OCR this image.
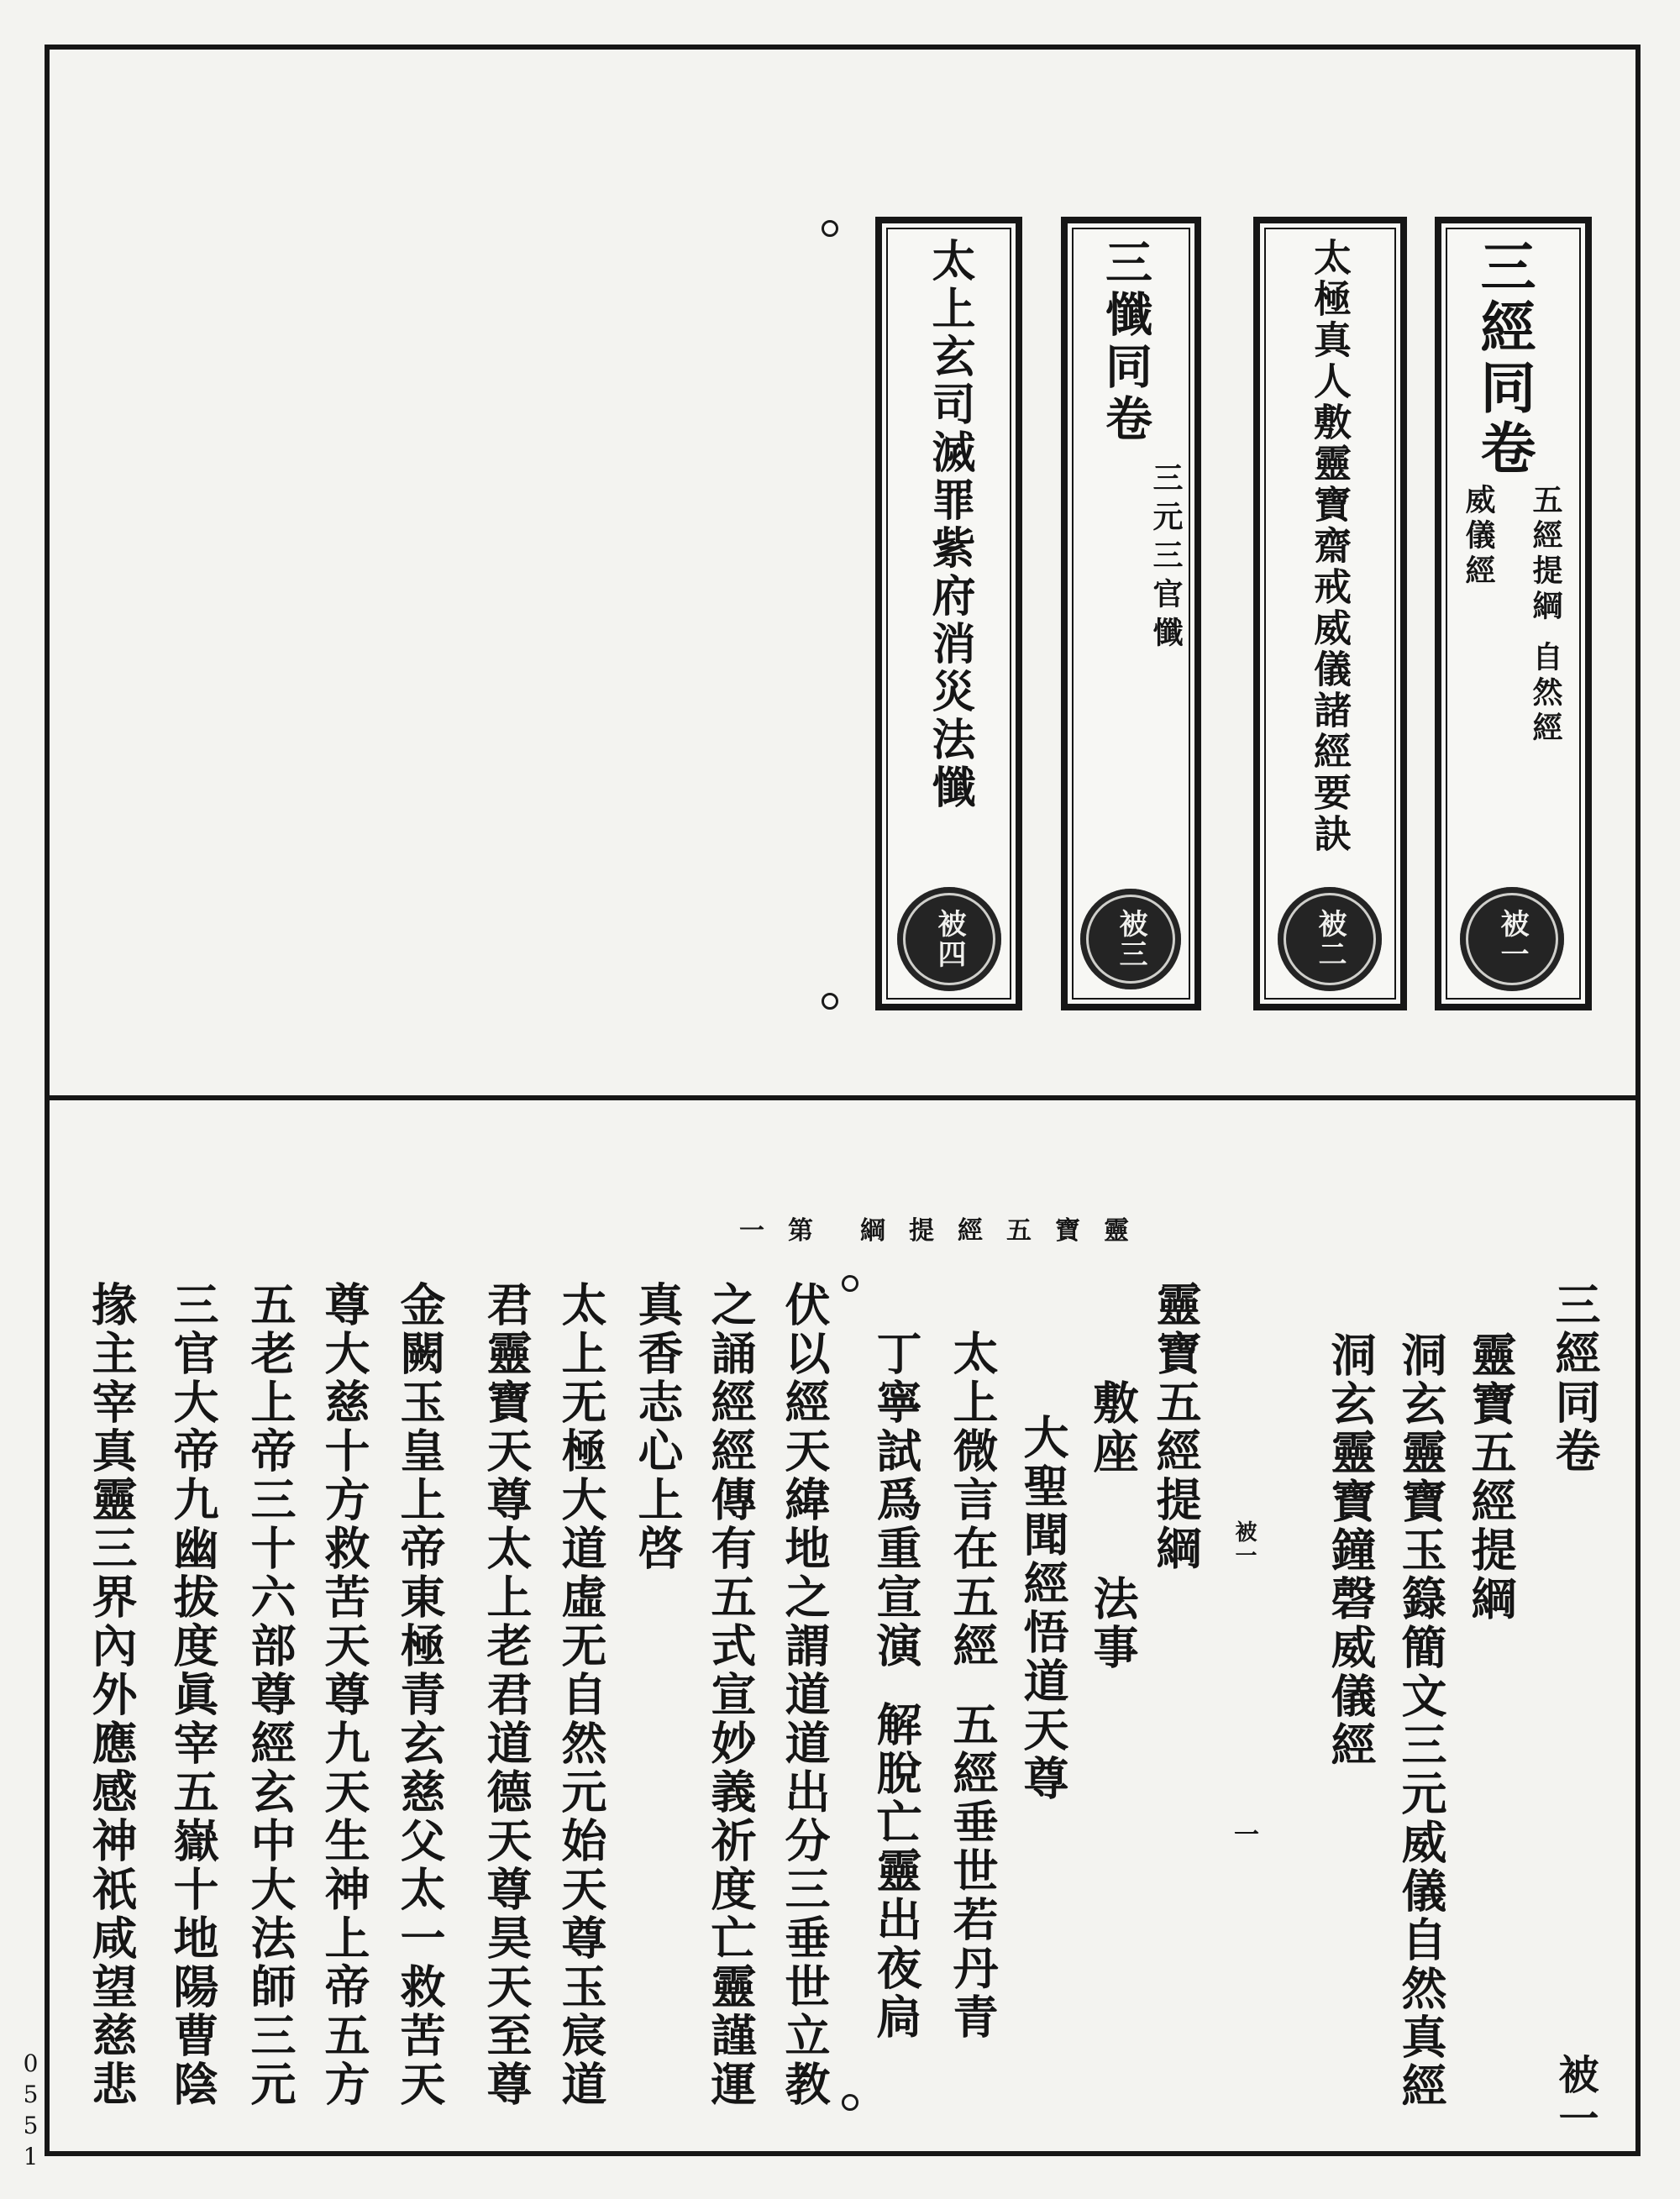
三經同卷
五經提綱
自然經
威儀經
被一
太極真人敷靈寶齋戒威儀諸經要訣
被二
三懺同卷
三元三官懺
被三
太上玄司滅罪紫府消災法懺
被四
靈寶五經提綱
第一
三經同卷
被一
靈寶五經提綱
洞玄靈寶玉籙簡文三元威儀自然真經
洞玄靈寶鐘磬威儀經
靈寶五經提綱
敷座
法事
大聖聞經悟道天尊
太上微言在五經
五經垂世若丹青
丁寧試爲重宣演
解脫亡靈出夜扃
伏以經天緯地之謂道道出分三垂世立教
之誦經經傳有五式宣妙義祈度亡靈謹運
真香志心上啓
太上无極大道虛无自然元始天尊玉宸道
君靈寶天尊太上老君道德天尊昊天至尊
金闕玉皇上帝東極青玄慈父太一救苦天
尊大慈十方救苦天尊九天生神上帝五方
五老上帝三十六部尊經玄中大法師三元
三官大帝九幽拔度眞宰五嶽十地陽曹陰
掾主宰真靈三界內外應感神祇咸望慈悲	被一
一
0551
